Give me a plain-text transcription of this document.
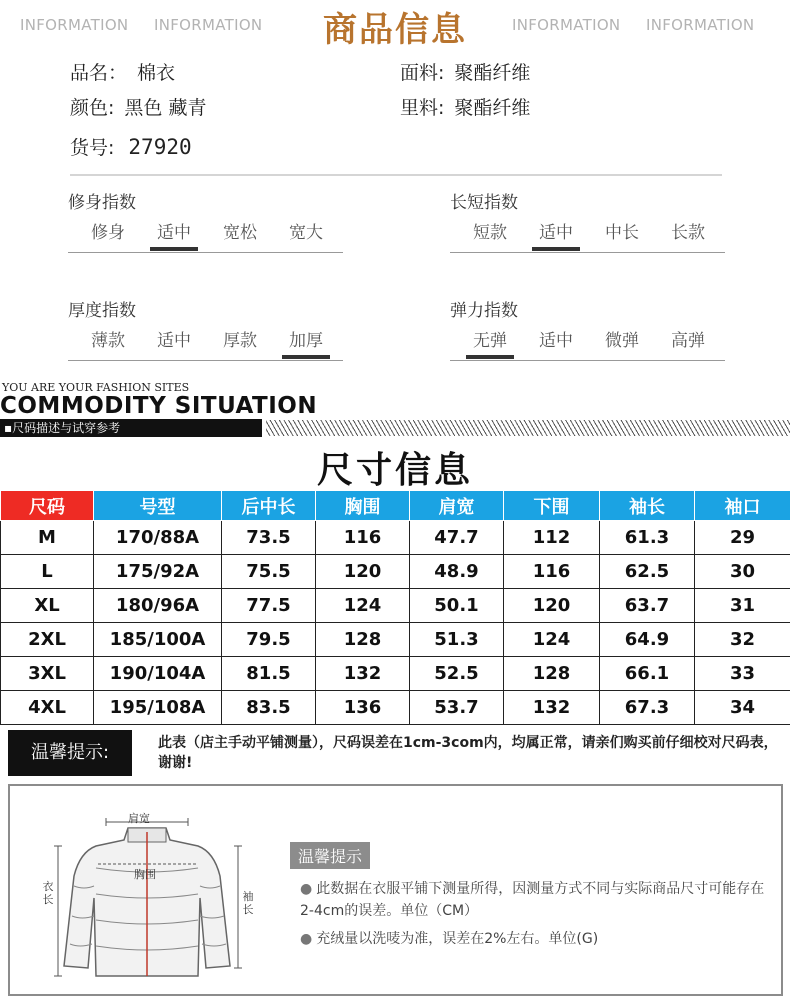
INFORMATION INFORMATION	商品信息	INFORMATION INFORMATION
品名： 棉衣
颜色: 黑色 藏青
货号: 27920
面料: 聚酯纤维
里料: 聚酯纤维
修身指数
修身	适中	宽松	宽大
长短指数
短款	适中	中长	长款
厚度指数
薄款	适中	厚款	加厚
弹力指数
无弹	适中	微弹	高弹
YOU ARE YOUR FASHION SITES
COMMODITY SITUATION
▪尺码描述与试穿参考
尺寸信息
尺码	号型	后中长	胸围	肩宽	下围	袖长	袖口
M	170/88A	73.5	116	47.7	112	61.3	29
L	175/92A	75.5	120	48.9	116	62.5	30
XL	180/96A	77.5	124	50.1	120	63.7	31
2XL	185/100A	79.5	128	51.3	124	64.9	32
3XL	190/104A	81.5	132	52.5	128	66.1	33
4XL	195/108A	83.5	136	53.7	132	67.3	34
温馨提示:	此表（店主手动平铺测量），尺码误差在1cm-3com内，均属正常，请亲们购买前仔细校对尺码表，谢谢!
肩宽
胸围
衣长	袖长
温馨提示
● 此数据在衣服平铺下测量所得，因测量方式不同与实际商品尺寸可能存在2-4cm的误差。单位（CM）
● 充绒量以洗唛为准，误差在2%左右。单位(G)
